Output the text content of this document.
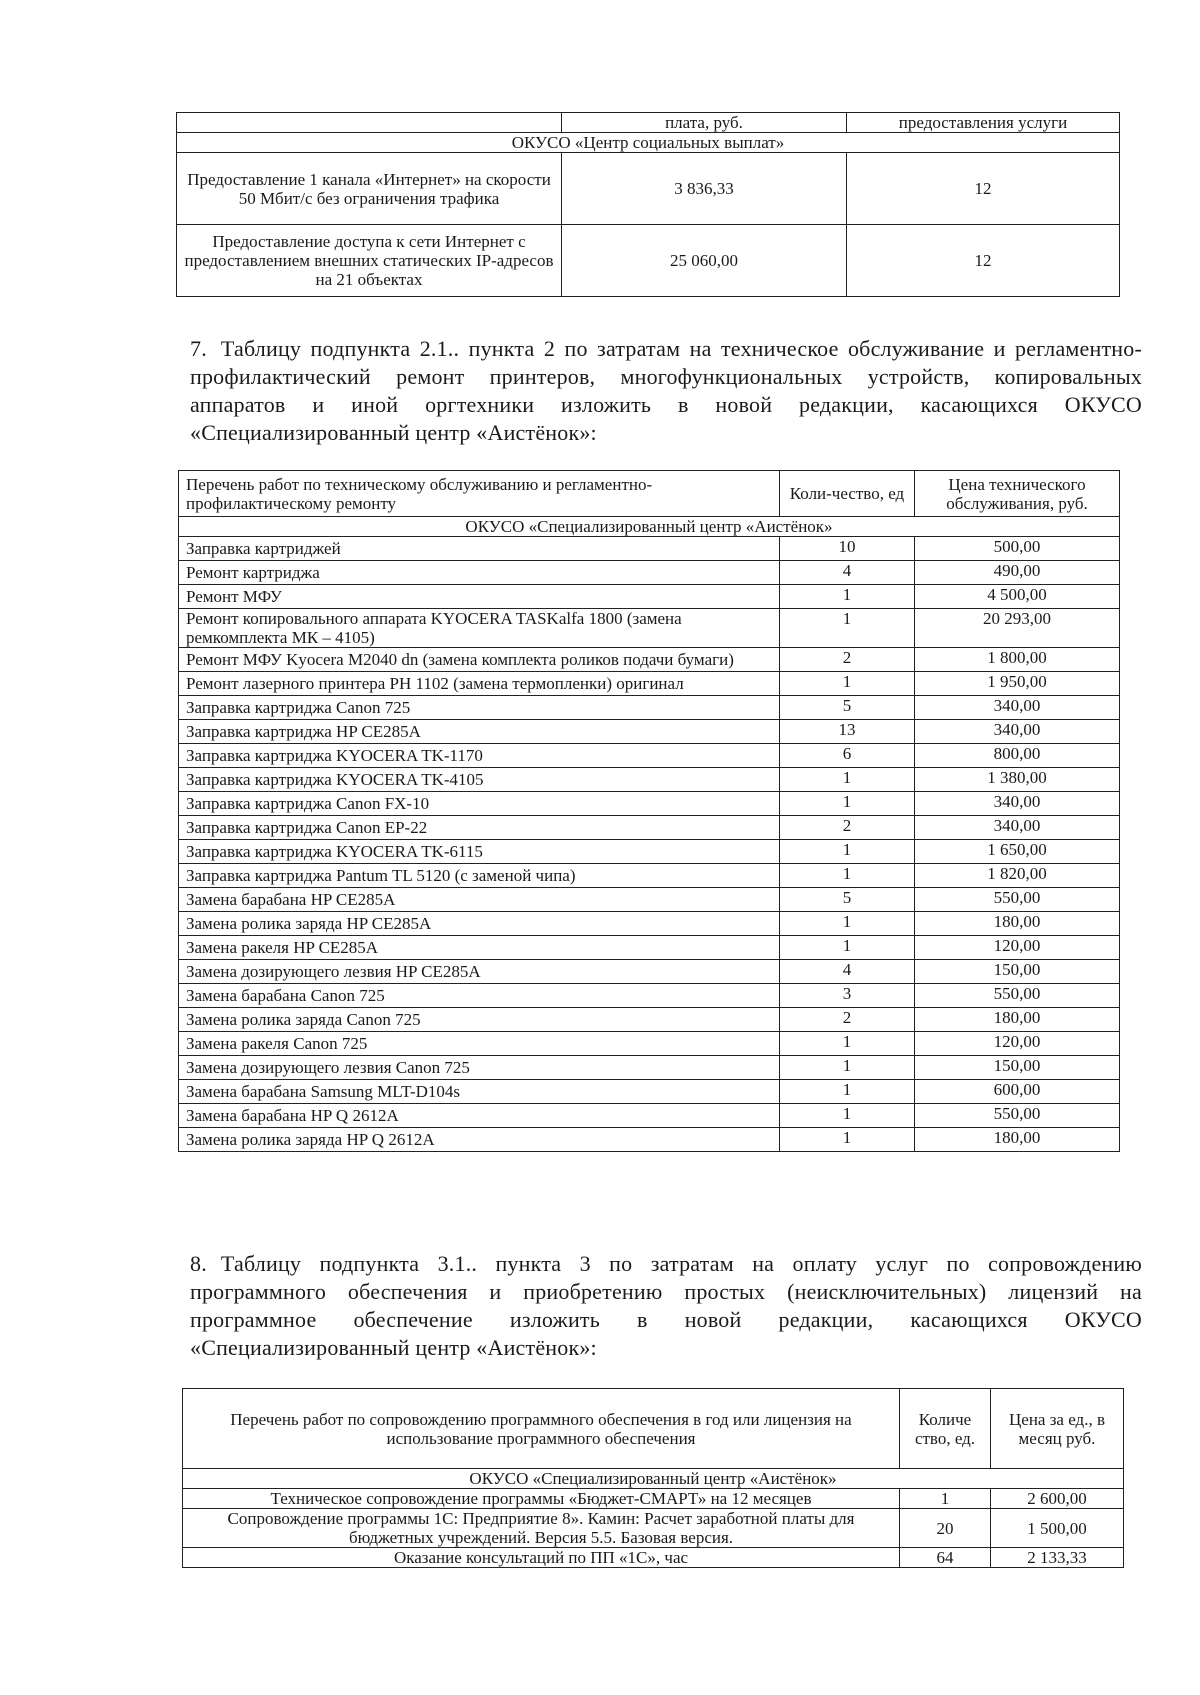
	плата, руб.	предоставления услуги
ОКУСО «Центр социальных выплат»		
Предоставление 1 канала «Интернет» на скорости 50 Мбит/с без ограничения трафика	3 836,33	12
Предоставление доступа к сети Интернет с предоставлением внешних статических IP-адресов на 21 объектах	25 060,00	12
7. Таблицу подпункта 2.1.. пункта 2 по затратам на техническое обслуживание и регламентно-профилактический ремонт принтеров, многофункциональных устройств, копировальных аппаратов и иной оргтехники изложить в новой редакции, касающихся ОКУСО «Специализированный центр «Аистёнок»:
Перечень работ по техническому обслуживанию и регламентно-профилактическому ремонту	Коли-чество, ед	Цена технического обслуживания, руб.
ОКУСО «Специализированный центр «Аистёнок»		
Заправка картриджей	10	500,00
Ремонт картриджа	4	490,00
Ремонт МФУ	1	4 500,00
Ремонт копировального аппарата KYOCERA TASKalfa 1800 (замена ремкомплекта МК – 4105)	1	20 293,00
Ремонт МФУ Kyocera M2040 dn (замена комплекта роликов подачи бумаги)	2	1 800,00
Ремонт лазерного принтера PH 1102 (замена термопленки) оригинал	1	1 950,00
Заправка картриджа Canon 725	5	340,00
Заправка картриджа HP CE285A	13	340,00
Заправка картриджа KYOCERA TK-1170	6	800,00
Заправка картриджа KYOCERA TK-4105	1	1 380,00
Заправка картриджа Canon FX-10	1	340,00
Заправка картриджа Canon EP-22	2	340,00
Заправка картриджа KYOCERA TK-6115	1	1 650,00
Заправка картриджа Pantum TL 5120 (с заменой чипа)	1	1 820,00
Замена барабана HP CE285A	5	550,00
Замена ролика заряда HP CE285A	1	180,00
Замена ракеля HP CE285A	1	120,00
Замена дозирующего лезвия HP CE285A	4	150,00
Замена барабана Canon 725	3	550,00
Замена ролика заряда Canon 725	2	180,00
Замена ракеля Canon 725	1	120,00
Замена дозирующего лезвия Canon 725	1	150,00
Замена барабана Samsung MLT-D104s	1	600,00
Замена барабана HP Q 2612A	1	550,00
Замена ролика заряда HP Q 2612A	1	180,00
8. Таблицу подпункта 3.1.. пункта 3 по затратам на оплату услуг по сопровождению программного обеспечения и приобретению простых (неисключительных) лицензий на программное обеспечение изложить в новой редакции, касающихся ОКУСО «Специализированный центр «Аистёнок»:
Перечень работ по сопровождению программного обеспечения в год или лицензия на использование программного обеспечения	Количе ство, ед.	Цена за ед., в месяц руб.
ОКУСО «Специализированный центр «Аистёнок»		
Техническое сопровождение программы «Бюджет-СМАРТ» на 12 месяцев	1	2 600,00
Сопровождение программы 1С: Предприятие 8». Камин: Расчет заработной платы для бюджетных учреждений. Версия 5.5. Базовая версия.	20	1 500,00
Оказание консультаций по ПП «1С», час	64	2 133,33
